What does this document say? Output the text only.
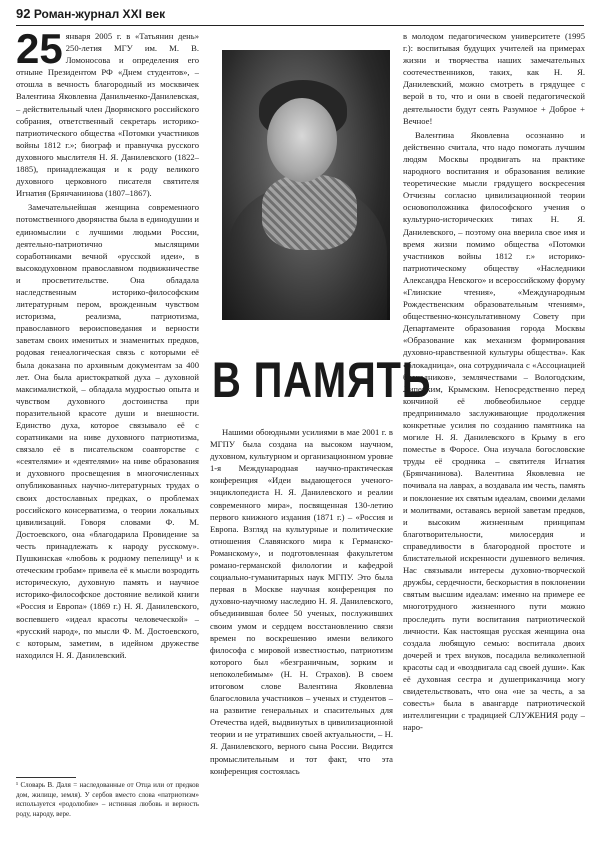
92 Роман-журнал XXI век

25 января 2005 г. в «Татьянин день» 250-летия МГУ им. М. В. Ломоносова и определения его отныне Президентом РФ «Днем студентов», – отошла в вечность благородный из москвичек Валентина Яковлевна Данильченко-Данилевская, – действительный член Дворянского российского собрания, ответственный секретарь историко-патриотического общества «Потомки участников войны 1812 г.»; биограф и правнучка русского духовного мыслителя Н. Я. Данилевского (1822–1885), принадлежащая и к роду великого духовного церковного писателя святителя Игнатия (Брянчанинова (1807–1867).

Замечательнейшая женщина современного потомственного дворянства была в единодушии и единомыслии с лучшими людьми России, деятельно-патриотично мыслящими соработниками вечной «русской идеи», в высокодуховном православном подвижничестве и просветительстве. Она обладала наследственным историко-философским литературным пером, врожденным чувством историзма, реализма, патриотизма, православного вероисповедания и верности заветам своих именитых и знаменитых предков, родовая генеалогическая связь с которыми её была доказана по архивным документам за 400 лет. Она была аристократкой духа – духовной максималисткой, – обладала мудростью опыта и чувством духовного достоинства при поразительной красоте души и внешности. Единство духа, которое связывало её с соратниками на ниве духовного патриотизма, связало её в писательском соавторстве с «сеятелями» и «деятелями» на ниве образования и духовного просвещения в многочисленных опубликованных научно-литературных трудах о своих достославных предках, о проблемах российского консерватизма, о теории локальных цивилизаций. Говоря словами Ф. М. Достоевского, она «благодарила Провидение за честь принадлежать к народу русскому». Пушкинская «любовь к родному пепелищу¹ и к отеческим гробам» привела её к мысли возродить историческую, духовную память и научное историко-философское достояние великой книги «Россия и Европа» (1869 г.) Н. Я. Данилевского, воспевшего «идеал красоты человеческой» – «русский народ», по мысли Ф. М. Достоевского, с которым, заметим, в идейном дружестве находился Н. Я. Данилевский.

В ПАМЯТЬ

Нашими обоюдными усилиями в мае 2001 г. в МГПУ была создана на высоком научном, духовном, культурном и организационном уровне 1-я Международная научно-практическая конференция «Идеи выдающегося ученого-энциклопедиста Н. Я. Данилевского и реалии современного мира», посвященная 130-летию первого книжного издания (1871 г.) – «Россия и Европа. Взгляд на культурные и политические отношения Славянского мира к Германско-Романскому», и подготовленная факультетом романо-германской филологии и кафедрой социально-гуманитарных наук МГПУ. Это была первая в Москве научная конференция по духовно-научному наследию Н. Я. Данилевского, объединившая более 50 ученых, послуживших своим умом и сердцем восстановлению связи времен по воскрешению имени великого философа с мировой известностью, патриотизм которого был «безграничным, зорким и непоколебимым» (Н. Н. Страхов). В своем итоговом слове Валентина Яковлевна благословила участников – ученых и студентов – на развитие генеральных и спасительных для Отечества идей, выдвинутых в цивилизационной теории и не утративших своей актуальности, – Н. Я. Данилевского, верного сына России. Видится промыслительным и тот факт, что эта конференция состоялась

в молодом педагогическом университете (1995 г.): воспитывая будущих учителей на примерах жизни и творчества наших замечательных соотечественников, таких, как Н. Я. Данилевский, можно смотреть в грядущее с верой в то, что и они в своей педагогической деятельности будут сеять Разумное + Доброе + Вечное!

Валентина Яковлевна осознанно и действенно считала, что надо помогать лучшим людям Москвы продвигать на практике народного воспитания и образования великие теоретические мысли грядущего воскресения Отчизны согласно цивилизационной теории основоположника философского учения о культурно-исторических типах Н. Я. Данилевского, – поэтому она вверила свое имя и время жизни помимо общества «Потомки участников войны 1812 г.» историко-патриотическому обществу «Наследники Александра Невского» и всероссийскому форуму «Глинские чтения», «Международным Рождественским образовательным чтениям», общественно-консультативному Совету при Департаменте образования города Москвы «Образование как механизм формирования духовно-нравственной культуры общества». Как «блокадница», она сотрудничала с «Ассоциацией блокадников», землячествами – Вологодским, Липецким, Крымским. Непосредственно перед кончиной её любвеобильное сердце предпринимало заслуживающие продолжения конкретные усилия по созданию памятника на могиле Н. Я. Данилевского в Крыму в его поместье в Форосе. Она изучала богословские труды её сродника – святителя Игнатия (Брянчанинова). Валентина Яковлевна не почивала на лаврах, а воздавала им честь, память и поклонение их святым идеалам, своими делами и молитвами, оставаясь верной заветам предков, и высоким жизненным принципам благотворительности, милосердия и справедливости в благородной простоте и блистательной искренности душевного величия. Нас связывали интересы духовно-творческой дружбы, сердечности, бескорыстия в поклонении святым высшим идеалам: именно на примере ее многотрудного жизненного пути можно проследить пути воспитания патриотической личности. Как настоящая русская женщина она создала любящую семью: воспитала двоих дочерей и трех внуков, посадила великолепной красоты сад и «воздвигала сад своей души». Как её духовная сестра и душеприказчица могу свидетельствовать, что она «не за честь, а за совесть» была в авангарде патриотической интеллигенции с традицией СЛУЖЕНИЯ роду – наро-

¹ Словарь В. Даля = наследованные от Отца или от предков дом, жилище, земля). У сербов вместо слова «патриотизм» используется «родолюбие» – истинная любовь и верность роду, народу, вере.
